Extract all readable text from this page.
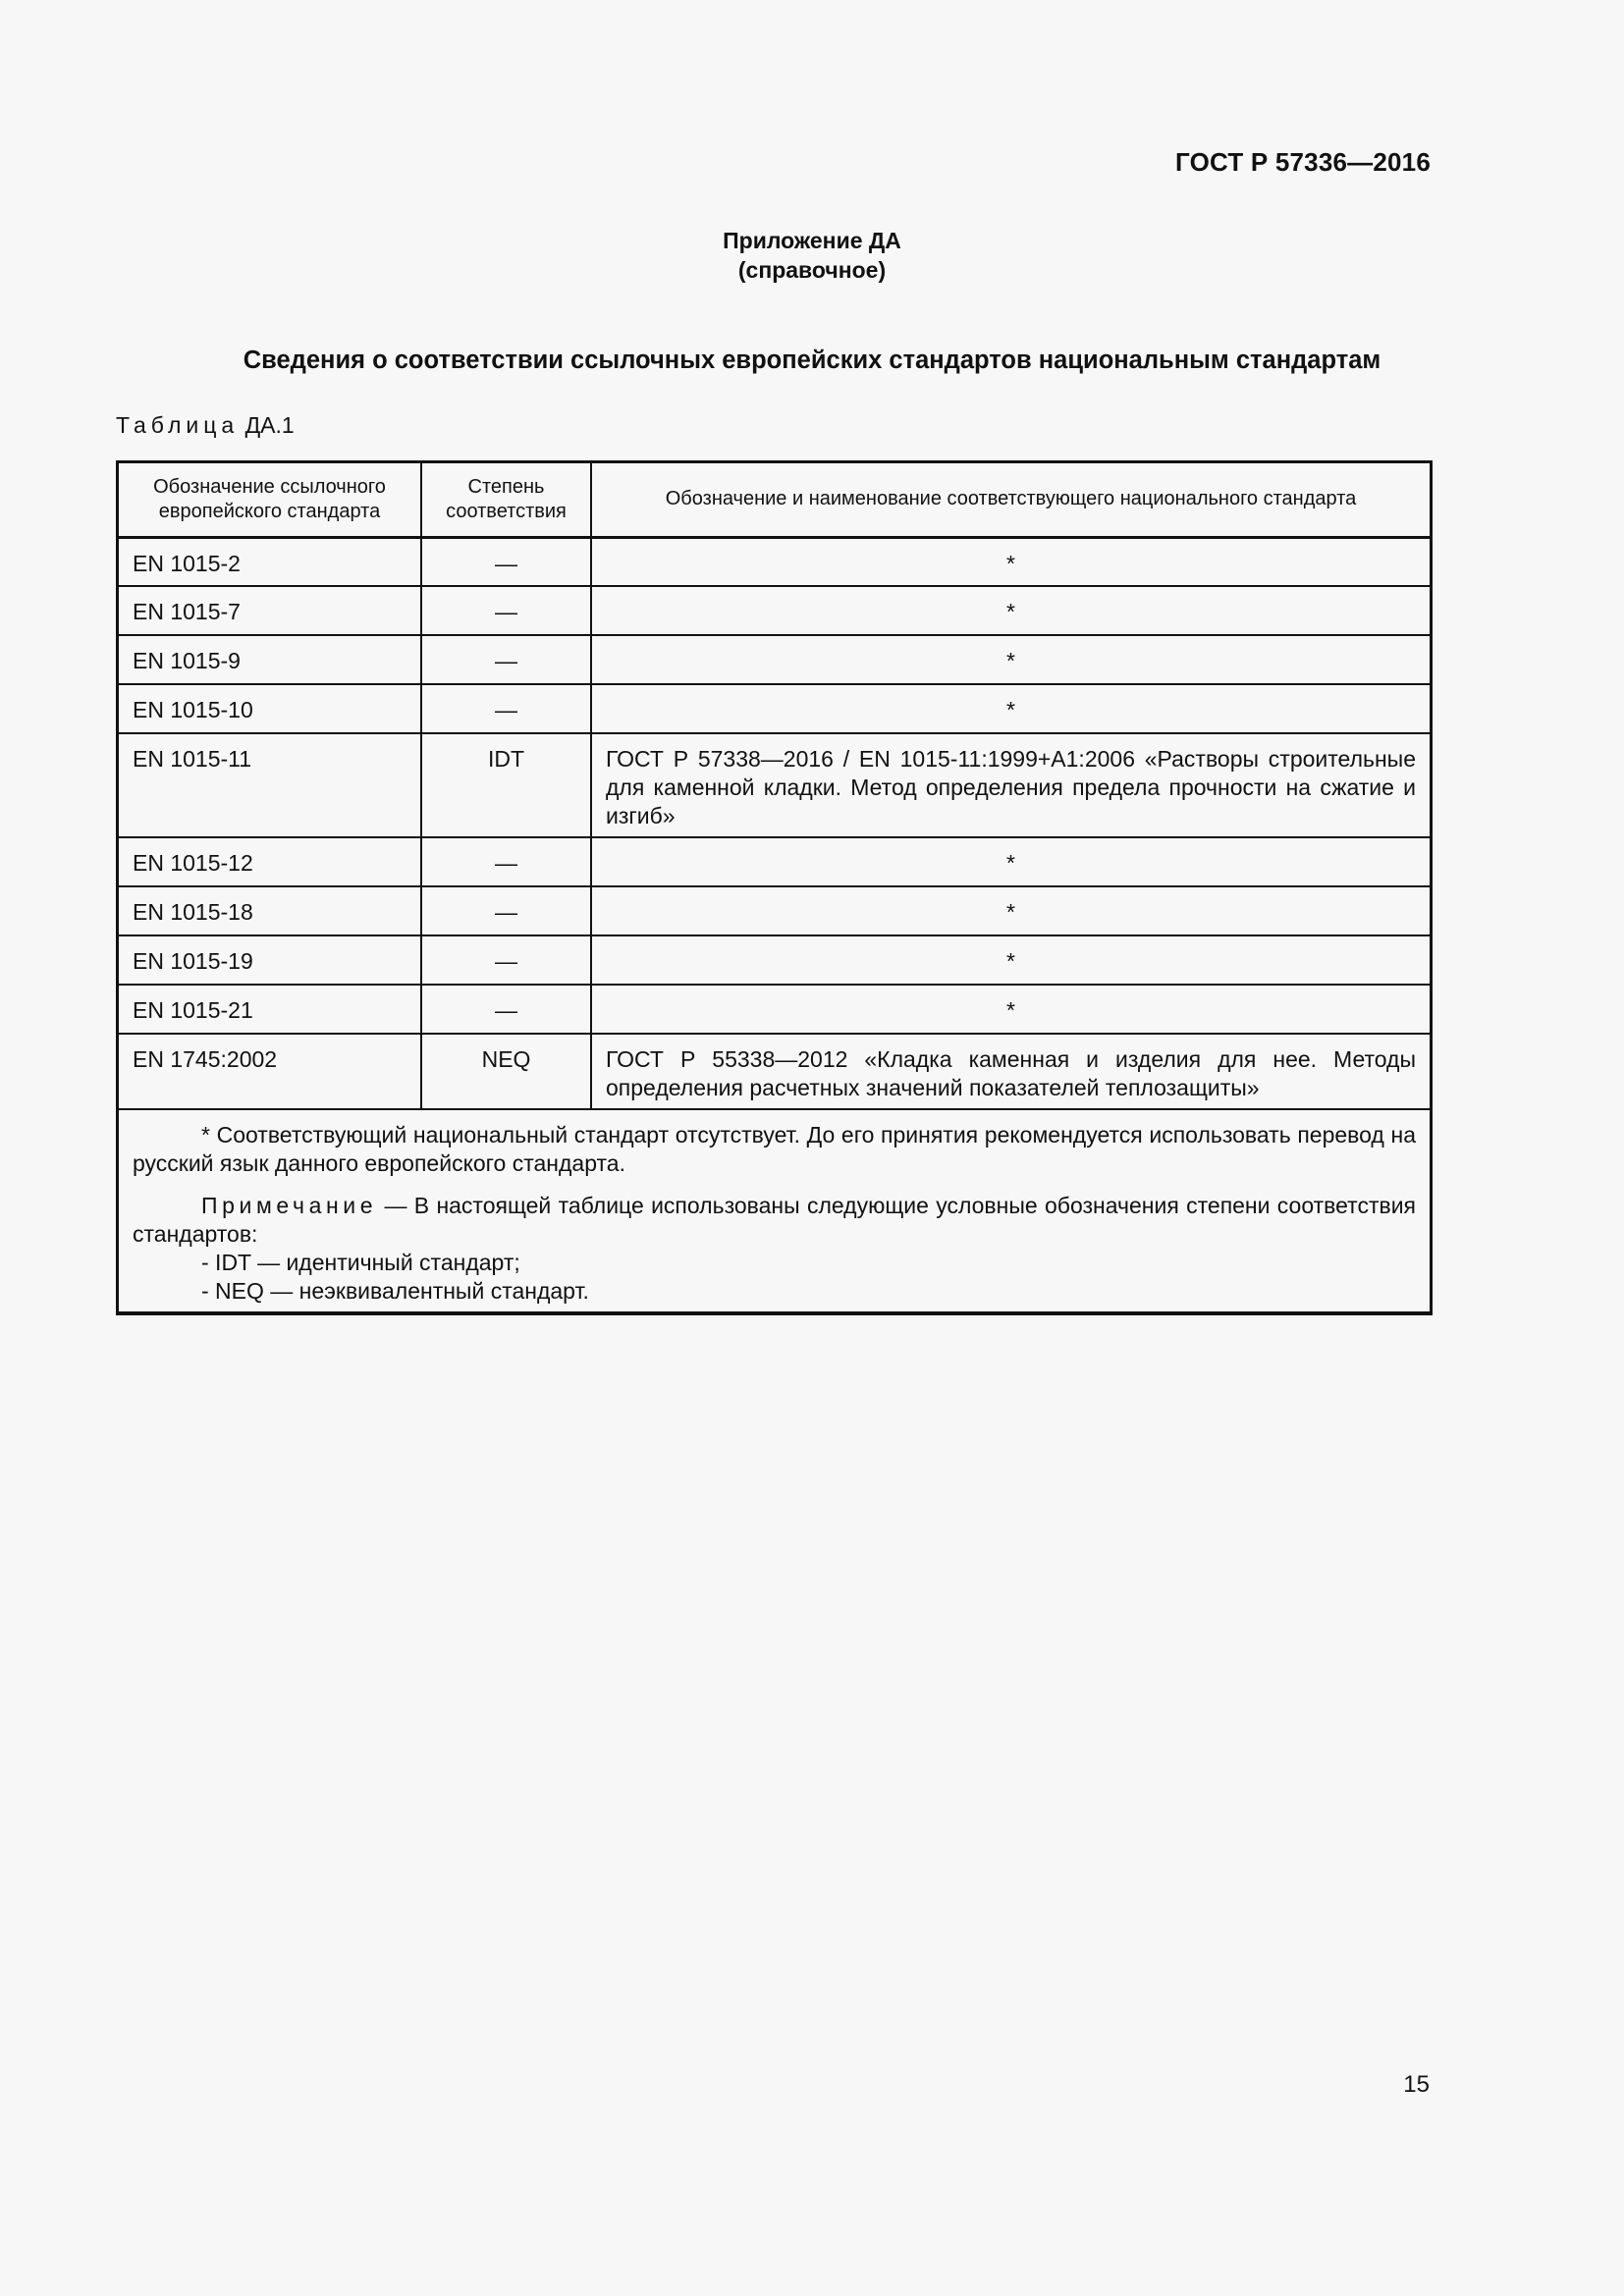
ГОСТ Р 57336—2016
Приложение ДА
(справочное)
Сведения о соответствии ссылочных европейских стандартов национальным стандартам
Таблица ДА.1
Обозначение ссылочного европейского стандарта	Степень соответствия	Обозначение и наименование соответствующего национального стандарта
EN 1015-2	—	*
EN 1015-7	—	*
EN 1015-9	—	*
EN 1015-10	—	*
EN 1015-11	IDT	ГОСТ Р 57338—2016 / EN 1015-11:1999+A1:2006 «Растворы строительные для каменной кладки. Метод определения предела прочности на сжатие и изгиб»
EN 1015-12	—	*
EN 1015-18	—	*
EN 1015-19	—	*
EN 1015-21	—	*
EN 1745:2002	NEQ	ГОСТ Р 55338—2012 «Кладка каменная и изделия для нее. Методы определения расчетных значений показателей теплозащиты»

* Соответствующий национальный стандарт отсутствует. До его принятия рекомендуется использовать перевод на русский язык данного европейского стандарта.
Примечание — В настоящей таблице использованы следующие условные обозначения степени соответствия стандартов:
- IDT — идентичный стандарт;
- NEQ — неэквивалентный стандарт.		
15
